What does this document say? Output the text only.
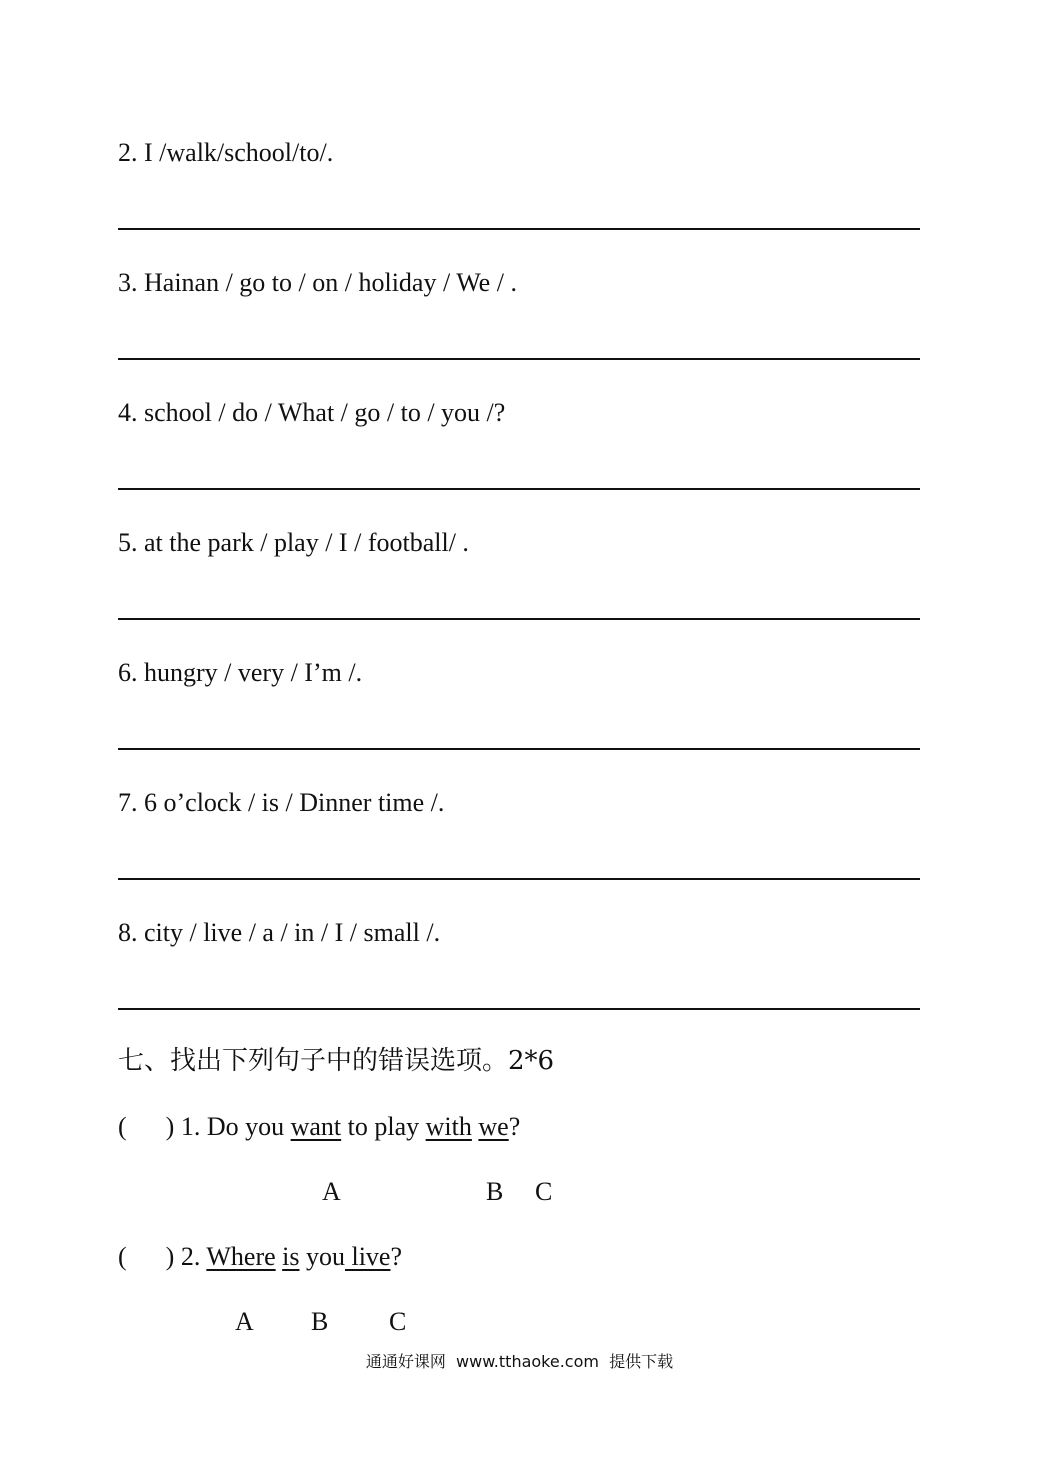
2. I /walk/school/to/.
3. Hainan / go to / on / holiday / We / .
4. school / do / What / go / to / you /?
5. at the park / play / I / football/ .
6. hungry / very / I’m /.
7. 6 o’clock / is / Dinner time /.
8. city / live / a / in / I / small /.
七、找出下列句子中的错误选项。2*6
(      ) 1. Do you want to play with we?
A	B C
(      ) 2. Where is you live?
A B C
通通好课网  www.tthaoke.com  提供下载
